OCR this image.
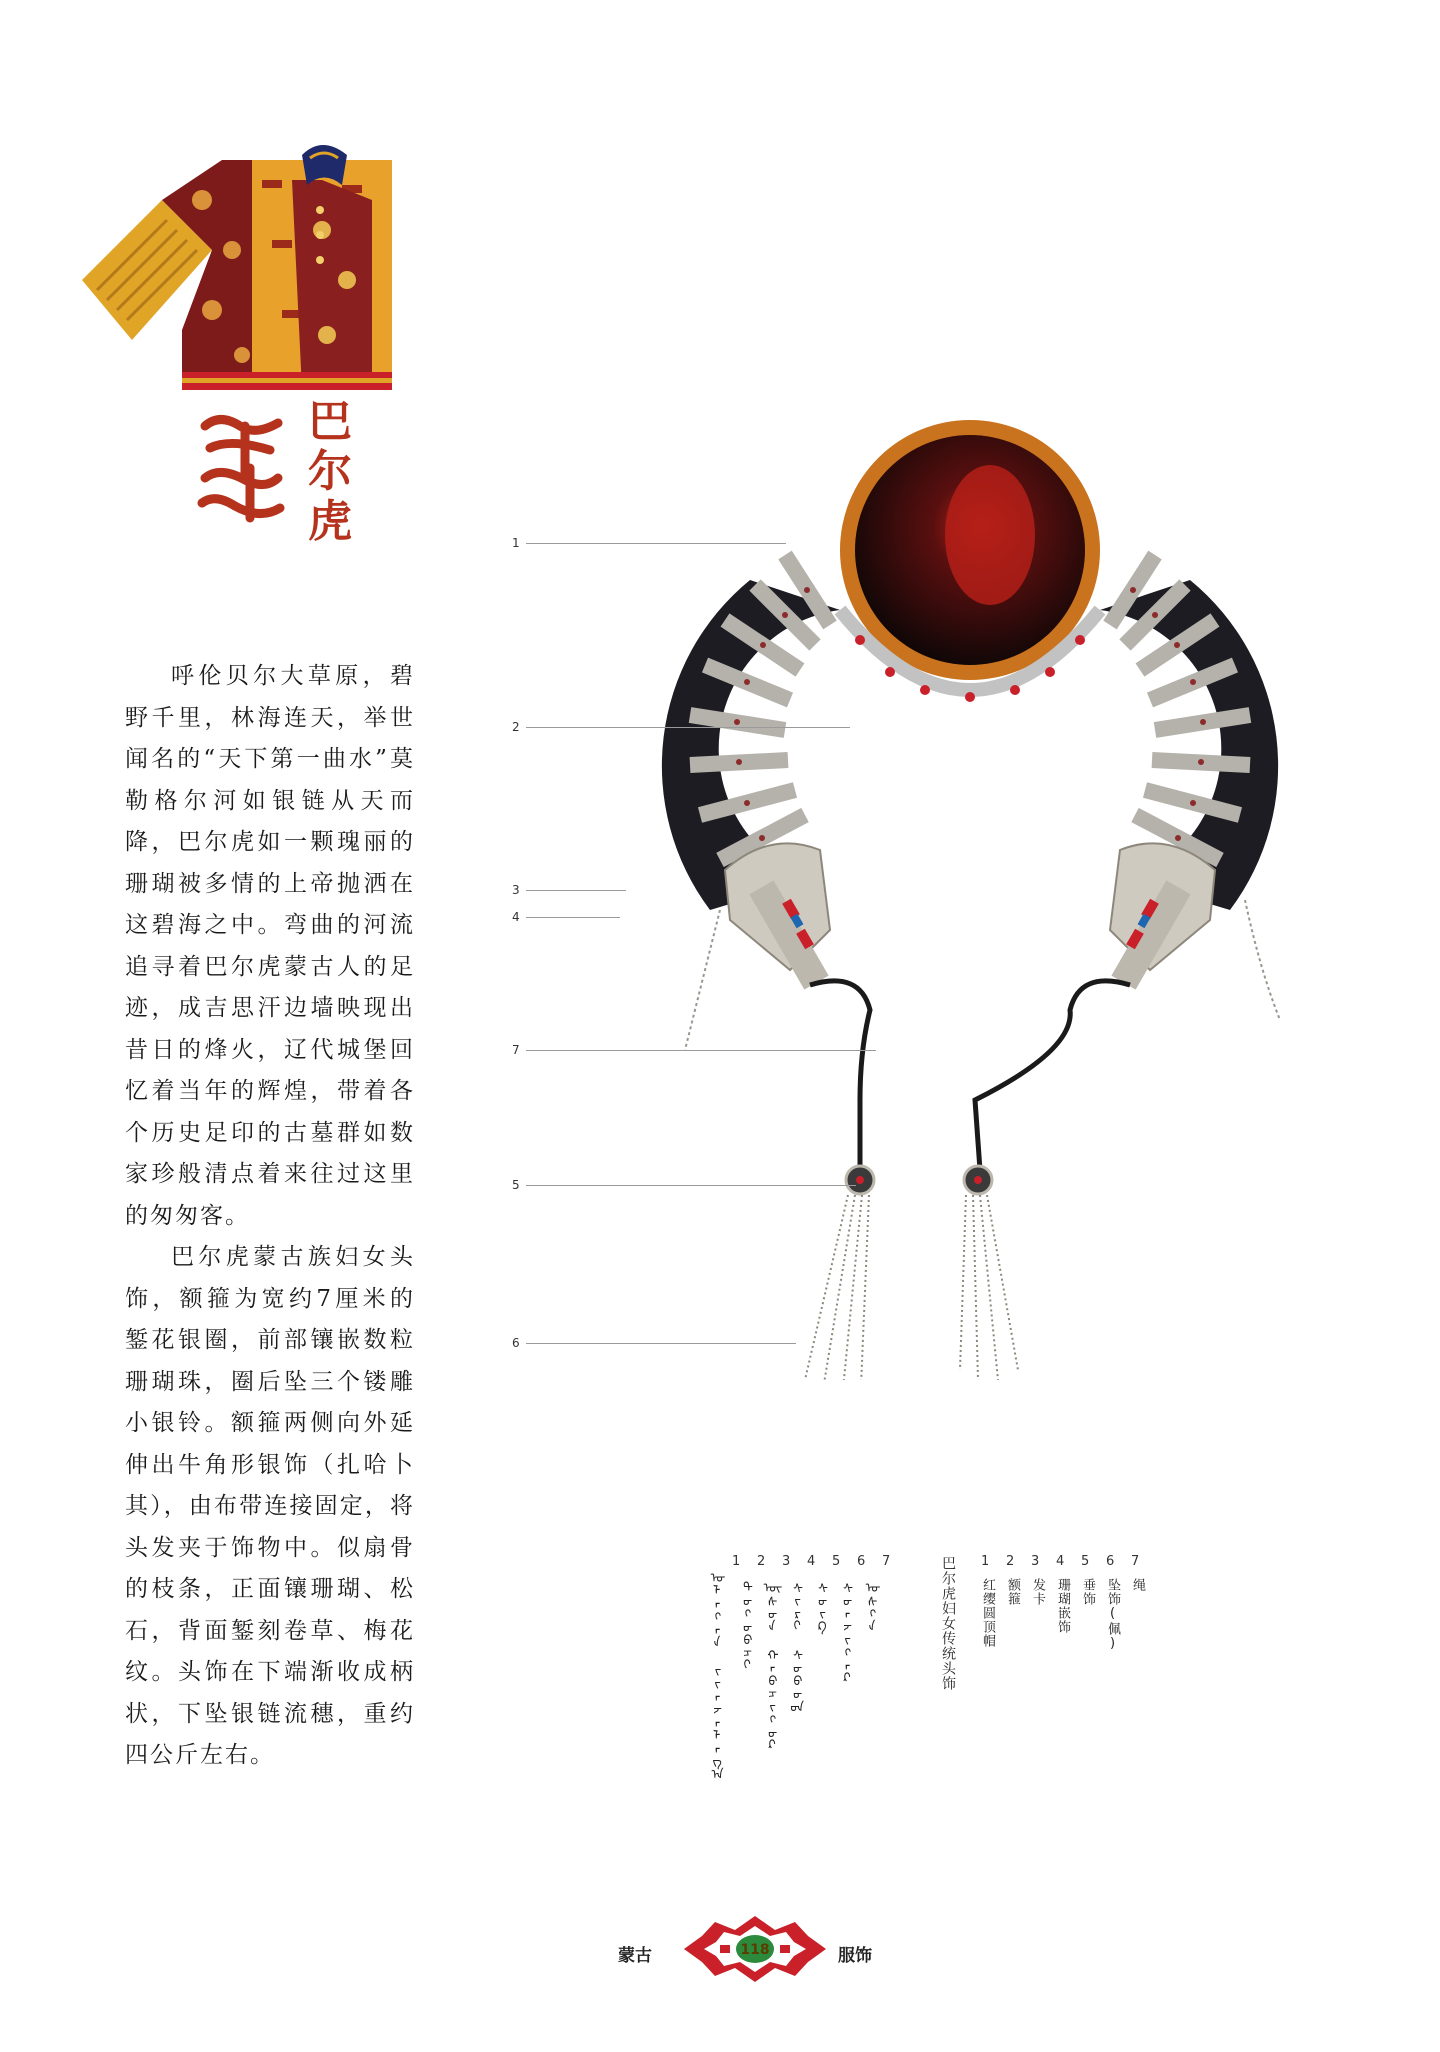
巴
尔
虎

呼伦贝尔大草原，碧野千里，林海连天，举世闻名的“天下第一曲水”莫勒格尔河如银链从天而降，巴尔虎如一颗瑰丽的珊瑚被多情的上帝抛洒在这碧海之中。弯曲的河流追寻着巴尔虎蒙古人的足迹，成吉思汗边墙映现出昔日的烽火，辽代城堡回忆着当年的辉煌，带着各个历史足印的古墓群如数家珍般清点着来往过这里的匆匆客。

巴尔虎蒙古族妇女头饰，额箍为宽约7厘米的錾花银圈，前部镶嵌数粒珊瑚珠，圈后坠三个镂雕小银铃。额箍两侧向外延伸出牛角形银饰（扎哈卜其），由布带连接固定，将头发夹于饰物中。似扇骨的枝条，正面镶珊瑚、松石，背面錾刻卷草、梅花纹。头饰在下端渐收成柄状，下坠银链流穗，重约四公斤左右。

1
2
3
4
7
5
6
1 2 3 4 5 6 7
ᠤᠯᠠᠭᠠᠨ ᠵᠢᠨᠵᠠᠯᠠᠭ᠎ᠠ	ᠲᠤᠭᠤᠪᠴᠢ ᠦᠰᠦᠨ ᠬᠠᠪᠴᠢᠭᠤᠷ ᠰᠢᠷᠢ ᠰᠤᠪᠤᠳ ᠰᠤᠢᠺ ᠰᠤᠨᠵᠢᠭᠠᠷ ᠤᠰᠬᠠ	巴尔虎妇女传统头饰 1 2 3 4 5 6 7
红缨圆顶帽 额箍 发卡 珊瑚嵌饰 垂饰 坠饰(佩) 绳
蒙古	118	服饰
